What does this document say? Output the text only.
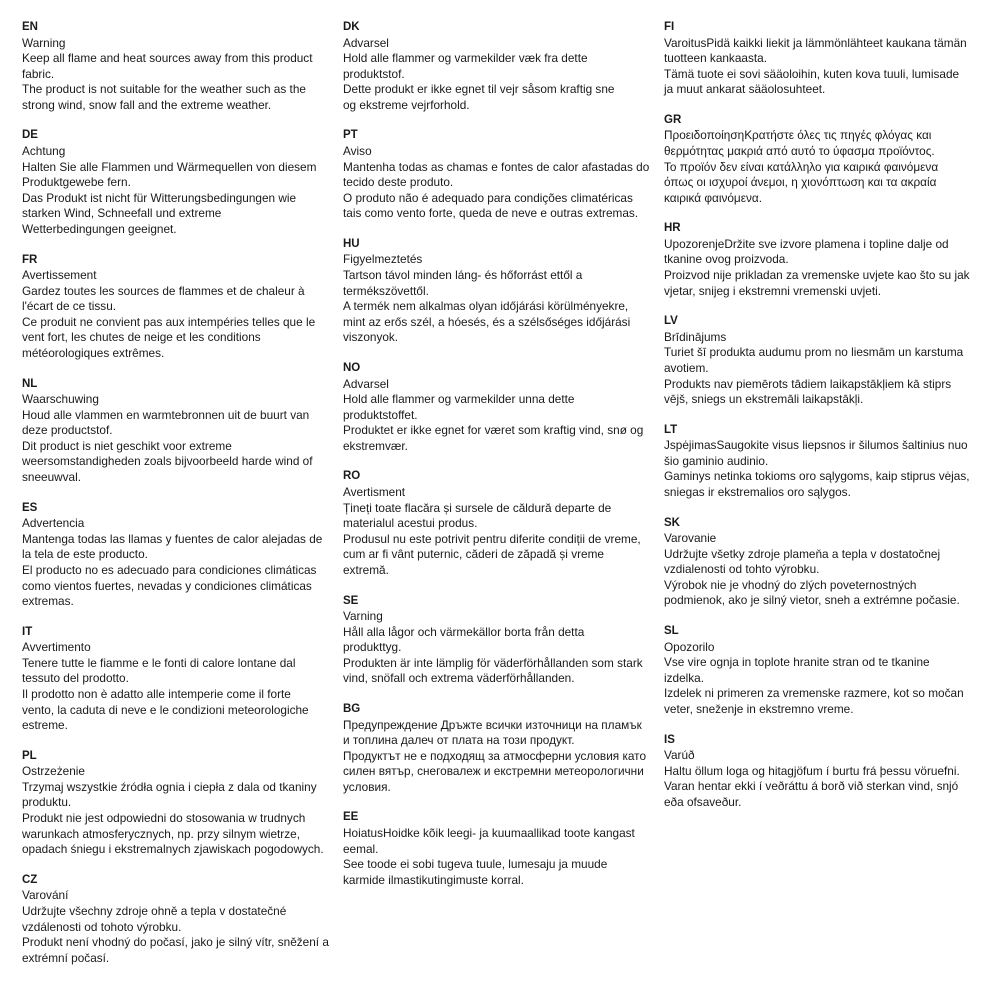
EN
Warning
Keep all flame and heat sources away from this product
fabric.
The product is not suitable for the weather such as the
strong wind, snow fall and the extreme weather.
DE
Achtung
Halten Sie alle Flammen und Wärmequellen von diesem
Produktgewebe fern.
Das Produkt ist nicht für Witterungsbedingungen wie
starken Wind, Schneefall und extreme
Wetterbedingungen geeignet.
FR
Avertissement
Gardez toutes les sources de flammes et de chaleur à
l'écart de ce tissu.
Ce produit ne convient pas aux intempéries telles que le
vent fort, les chutes de neige et les conditions
météorologiques extrêmes.
NL
Waarschuwing
Houd alle vlammen en warmtebronnen uit de buurt van
deze productstof.
Dit product is niet geschikt voor extreme
weersomstandigheden zoals bijvoorbeeld harde wind of
sneeuwval.
ES
Advertencia
Mantenga todas las llamas y fuentes de calor alejadas de
la tela de este producto.
El producto no es adecuado para condiciones climáticas
como vientos fuertes, nevadas y condiciones climáticas
extremas.
IT
Avvertimento
Tenere tutte le fiamme e le fonti di calore lontane dal
tessuto del prodotto.
Il prodotto non è adatto alle intemperie come il forte
vento, la caduta di neve e le condizioni meteorologiche
estreme.
PL
Ostrzeżenie
Trzymaj wszystkie źródła ognia i ciepła z dala od tkaniny
produktu.
Produkt nie jest odpowiedni do stosowania w trudnych
warunkach atmosferycznych, np. przy silnym wietrze,
opadach śniegu i ekstremalnych zjawiskach pogodowych.
CZ
Varování
Udržujte všechny zdroje ohně a tepla v dostatečné
vzdálenosti od tohoto výrobku.
Produkt není vhodný do počasí, jako je silný vítr, sněžení a
extrémní počasí.
DK
Advarsel
Hold alle flammer og varmekilder væk fra dette
produktstof.
Dette produkt er ikke egnet til vejr såsom kraftig sne
og ekstreme vejrforhold.
PT
Aviso
Mantenha todas as chamas e fontes de calor afastadas do
tecido deste produto.
O produto não é adequado para condições climatéricas
tais como vento forte, queda de neve e outras extremas.
HU
Figyelmeztetés
Tartson távol minden láng- és hőforrást ettől a
termékszövettől.
A termék nem alkalmas olyan időjárási körülményekre,
mint az erős szél, a hóesés, és a szélsőséges időjárási
viszonyok.
NO
Advarsel
Hold alle flammer og varmekilder unna dette
produktstoffet.
Produktet er ikke egnet for været som kraftig vind, snø og
ekstremvær.
RO
Avertisment
Țineți toate flacăra și sursele de căldură departe de
materialul acestui produs.
Produsul nu este potrivit pentru diferite condiții de vreme,
cum ar fi vânt puternic, căderi de zăpadă și vreme
extremă.
SE
Varning
Håll alla lågor och värmekällor borta från detta
produkttyg.
Produkten är inte lämplig för väderförhållanden som stark
vind, snöfall och extrema väderförhållanden.
BG
Предупреждение Дръжте всички източници на пламък
и топлина далеч от плата на този продукт.
Продуктът не е подходящ за атмосферни условия като
силен вятър, снеговалеж и екстремни метеорологични
условия.
EE
HoiatusHoidke kõik leegi- ja kuumaallikad toote kangast
eemal.
See toode ei sobi tugeva tuule, lumesaju ja muude
karmide ilmastikutingimuste korral.
FI
VaroitusPidä kaikki liekit ja lämmönlähteet kaukana tämän
tuotteen kankaasta.
Tämä tuote ei sovi sääoloihin, kuten kova tuuli, lumisade
ja muut ankarat sääolosuhteet.
GR
ΠροειδοποίησηΚρατήστε όλες τις πηγές φλόγας και
θερμότητας μακριά από αυτό το ύφασμα προϊόντος.
Το προϊόν δεν είναι κατάλληλο για καιρικά φαινόμενα
όπως οι ισχυροί άνεμοι, η χιονόπτωση και τα ακραία
καιρικά φαινόμενα.
HR
UpozorenjeDržite sve izvore plamena i topline dalje od
tkanine ovog proizvoda.
Proizvod nije prikladan za vremenske uvjete kao što su jak
vjetar, snijeg i ekstremni vremenski uvjeti.
LV
Brīdinājums
Turiet šī produkta audumu prom no liesmām un karstuma
avotiem.
Produkts nav piemērots tādiem laikapstākļiem kā stiprs
vējš, sniegs un ekstremāli laikapstākļi.
LT
JspėjimasSaugokite visus liepsnos ir šilumos šaltinius nuo
šio gaminio audinio.
Gaminys netinka tokioms oro sąlygoms, kaip stiprus vėjas,
sniegas ir ekstremalios oro sąlygos.
SK
Varovanie
Udržujte všetky zdroje plameňa a tepla v dostatočnej
vzdialenosti od tohto výrobku.
Výrobok nie je vhodný do zlých poveternostných
podmienok, ako je silný vietor, sneh a extrémne počasie.
SL
Opozorilo
Vse vire ognja in toplote hranite stran od te tkanine
izdelka.
Izdelek ni primeren za vremenske razmere, kot so močan
veter, sneženje in ekstremno vreme.
IS
Varúð
Haltu öllum loga og hitagjöfum í burtu frá þessu vöruefni.
Varan hentar ekki í veðráttu á borð við sterkan vind, snjó
eða ofsaveður.
